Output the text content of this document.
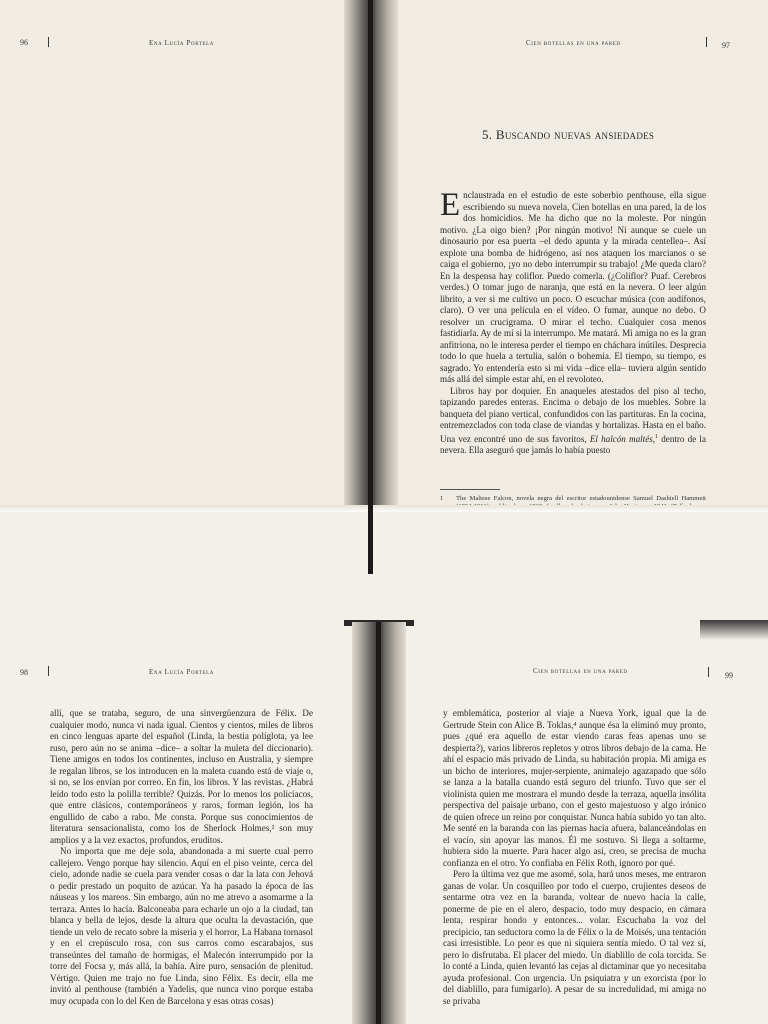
96	Ena Lucía Portela	Cien botellas en una pared	97
5. Buscando nuevas ansiedades

Enclaustrada en el estudio de este soberbio penthouse, ella sigue escribiendo su nueva novela, Cien botellas en una pared, la de los dos homicidios. Me ha dicho que no la moleste. Por ningún motivo. ¿La oigo bien? ¡Por ningún motivo! Ni aunque se cuele un dinosaurio por esa puerta –el dedo apunta y la mirada centellea–. Así explote una bomba de hidrógeno, así nos ataquen los marcianos o se caiga el gobierno, ¡yo no debo interrumpir su trabajo! ¿Me queda claro? En la despensa hay coliflor. Puedo comerla. (¿Coliflor? Puaf. Cerebros verdes.) O tomar jugo de naranja, que está en la nevera. O leer algún librito, a ver si me cultivo un poco. O escuchar música (con audífonos, claro). O ver una película en el vídeo. O fumar, aunque no debo. O resolver un crucigrama. O mirar el techo. Cualquier cosa menos fastidiarla. Ay de mí si la interrumpo. Me matará. Mi amiga no es la gran anfitriona, no le interesa perder el tiempo en cháchara inútiles. Desprecia todo lo que huela a tertulia, salón o bohemia. El tiempo, su tiempo, es sagrado. Yo entendería esto si mi vida –dice ella– tuviera algún sentido más allá del simple estar ahí, en el revoloteo.

Libros hay por doquier. En anaqueles atestados del piso al techo, tapizando paredes enteras. Encima o debajo de los muebles. Sobre la banqueta del piano vertical, confundidos con las partituras. En la cocina, entremezclados con toda clase de viandas y hortalizas. Hasta en el baño. Una vez encontré uno de sus favoritos, El halcón maltés,$^1$ dentro de la nevera. Ella aseguró que jamás lo había puesto

1 The Maltese Falcon, novela negra del escritor estadounidense Samuel Dashiell Hammett
98	Ena Lucía Portela	Cien botellas en una pared	99

allí, que se trataba, seguro, de una sinvergüenzura de Félix. De cualquier modo, nunca vi nada igual. Cientos y cientos, miles de libros en cinco lenguas aparte del español (Linda, la bestia políglota, ya lee ruso, pero aún no se anima –dice– a soltar la muleta del diccionario). Tiene amigos en todos los continentes, incluso en Australia, y siempre le regalan libros, se los introducen en la maleta cuando está de viaje o, si no, se los envían por correo. En fin, los libros. Y las revistas. ¿Habrá leído todo esto la polilla terrible? Quizás. Por lo menos los policíacos, que entre clásicos, contemporáneos y raros, forman legión, los ha engullido de cabo a rabo. Me consta. Porque sus conocimientos de literatura sensacionalista, como los de Sherlock Holmes,² son muy amplios y a la vez exactos, profundos, eruditos.

No importa que me deje sola, abandonada a mi suerte cual perro callejero. Vengo porque hay silencio. Aquí en el piso veinte, cerca del cielo, adonde nadie se cuela para vender cosas o dar la lata con Jehová o pedir prestado un poquito de azúcar. Ya ha pasado la época de las náuseas y los mareos. Sin embargo, aún no me atrevo a asomarme a la terraza. Antes lo hacía. Balconeaba para echarle un ojo a la ciudad, tan blanca y bella de lejos, desde la altura que oculta la devastación, que tiende un velo de recato sobre la miseria y el horror, La Habana tornasol y en el crepúsculo rosa, con sus carros como escarabajos, sus transeúntes del tamaño de hormigas, el Malecón interrumpido por la torre del Focsa y, más allá, la bahía. Aire puro, sensación de plenitud. Vértigo. Quien me trajo no fue Linda, sino Félix. Es decir, ella me invitó al penthouse (también a Yadelis, que nunca vino porque estaba muy ocupada con lo del Ken de Barcelona y esas otras cosas)

y emblemática, posterior al viaje a Nueva York, igual que la de Gertrude Stein con Alice B. Toklas,⁴ aunque ésa la eliminó muy pronto, pues ¿qué era aquello de estar viendo caras feas apenas uno se despierta?), varios libreros repletos y otros libros debajo de la cama. He ahí el espacio más privado de Linda, su habitación propia. Mi amiga es un bicho de interiores, mujer-serpiente, animalejo agazapado que sólo se lanza a la batalla cuando está seguro del triunfo. Tuvo que ser el violinista quien me mostrara el mundo desde la terraza, aquella insólita perspectiva del paisaje urbano, con el gesto majestuoso y algo irónico de quien ofrece un reino por conquistar. Nunca había subido yo tan alto. Me senté en la baranda con las piernas hacia afuera, balanceándolas en el vacío, sin apoyar las manos. Él me sostuvo. Si llega a soltarme, hubiera sido la muerte. Para hacer algo así, creo, se precisa de mucha confianza en el otro. Yo confiaba en Félix Roth, ignoro por qué.

Pero la última vez que me asomé, sola, hará unos meses, me entraron ganas de volar. Un cosquilleo por todo el cuerpo, crujientes deseos de sentarme otra vez en la baranda, voltear de nuevo hacia la calle, ponerme de pie en el alero, despacio, todo muy despacio, en cámara lenta, respirar hondo y entonces... volar. Escuchaba la voz del precipicio, tan seductora como la de Félix o la de Moisés, una tentación casi irresistible. Lo peor es que ni siquiera sentía miedo. O tal vez sí, pero lo disfrutaba. El placer del miedo. Un diablillo de cola torcida. Se lo conté a Linda, quien levantó las cejas al dictaminar que yo necesitaba ayuda profesional. Con urgencia. Un psiquiatra y un exorcista (por lo del diablillo, para fumigarlo). A pesar de su incredulidad, mi amiga no se privaba
